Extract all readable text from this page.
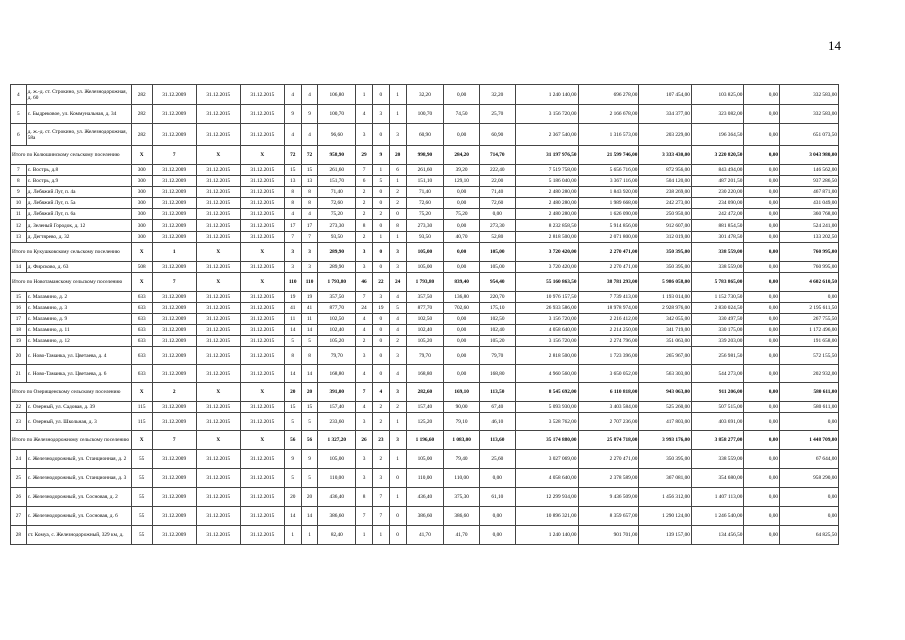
14
4	д. ж.-д. ст. Строкино, ул. Железнодорожная, д. 60	282	31.12.2009	31.12.2015	31.12.2015	4	4	106,80	1	0	1	32,20	0,00	32,20	1 240 140,00	696 278,00	107 454,00	103 825,00	0,00	332 583,00
5	с. Быдрековое, ул. Коммунальная, д. 34	282	31.12.2009	31.12.2015	31.12.2015	9	9	100,70	4	3	1	100,70	74,50	25,70	3 156 720,00	2 166 678,00	334 377,00	323 082,00	0,00	332 583,00
6	д. ж.-д. ст. Строкино, ул. Железнодорожная, 58а	282	31.12.2009	31.12.2015	31.12.2015	4	4	96,60	3	0	3	60,90	0,00	60,90	2 367 540,00	1 316 573,00	203 229,00	196 364,50	0,00	651 073,50
Итого по Колюшинскому сельскому поселению		X	7	X	X	72	72	958,90	29	9	20	998,90	284,20	714,70	31 197 976,50	21 599 746,00	3 333 430,00	3 220 820,50	0,00	3 043 980,00
7	с. Вострь, д.8	300	31.12.2009	31.12.2015	31.12.2015	15	15	261,60	7	1	6	261,60	39,20	222,40	7 519 758,00	5 656 716,00	872 956,00	843 494,00	0,00	146 562,00
8	с. Вострь, д.9	300	31.12.2009	31.12.2015	31.12.2015	13	13	151,70	6	5	1	151,10	129,10	22,00	5 186 040,00	3 367 116,00	504 120,00	487 201,50	0,00	937 286,50
9	д. Лебяжий Луг, п. 4а	300	31.12.2009	31.12.2015	31.12.2015	8	8	71,40	2	0	2	71,40	0,00	71,40	2 480 280,00	1 843 920,00	238 269,00	230 220,00	0,00	467 871,00
10	д. Лебяжий Луг, п. 5а	300	31.12.2009	31.12.2015	31.12.2015	8	8	72,60	2	0	2	72,60	0,00	72,60	2 480 280,00	1 989 668,00	242 273,00	234 090,00	0,00	431 049,00
11	д. Лебяжий Луг, п. 6а	300	31.12.2009	31.12.2015	31.12.2015	4	4	75,20	2	2	0	75,20	75,20	0,00	2 480 280,00	1 626 090,00	250 950,00	242 472,00	0,00	360 768,00
12	д. Зеленый Городок, д. 12	300	31.12.2009	31.12.2015	31.12.2015	17	17	273,30	8	0	8	273,30	0,00	273,30	8 232 858,50	5 914 856,00	912 607,00	881 854,50	0,00	524 241,00
13	д. Дегтярево, д. 32	300	31.12.2009	31.12.2015	31.12.2015	7	7	93,50	2	1	1	93,50	40,70	52,80	2 818 500,00	2 071 800,00	312 019,00	301 478,50	0,00	133 202,50
Итого по Кукушковскому сельскому поселению		X	1	X	X	3	3	289,90	3	0	3	105,00	0,00	105,00	3 720 420,00	2 270 471,00	350 395,00	338 559,00	0,00	760 995,00
14	д. Фирсково, д. 63	508	31.12.2009	31.12.2015	31.12.2015	3	3	289,90	3	0	3	105,00	0,00	105,00	3 720 420,00	2 270 471,00	350 395,00	338 559,00	0,00	760 995,00
Итого по Новотаманскому сельскому поселению		X	7	X	X	110	110	1 793,80	46	22	24	1 793,80	839,40	954,40	55 160 863,50	38 781 293,00	5 986 058,00	5 783 865,00	0,00	4 602 610,50
15	с. Маламино, д. 2	633	31.12.2009	31.12.2015	31.12.2015	19	19	357,50	7	3	4	357,50	136,80	220,70	10 976 157,50	7 739 413,00	1 193 014,00	1 152 730,50	0,00	0,00
16	с. Маламино, д. 3	633	31.12.2009	31.12.2015	31.12.2015	41	41	877,70	24	19	5	877,70	702,60	175,10	26 933 586,00	18 978 974,00	2 928 976,00	2 830 024,50	0,00	2 195 611,50
17	с. Маламино, д. 9	633	31.12.2009	31.12.2015	31.12.2015	11	11	102,50	4	0	4	102,50	0,00	102,50	3 156 720,00	2 216 412,00	342 055,00	330 497,50	0,00	267 755,50
18	с. Маламино, д. 11	633	31.12.2009	31.12.2015	31.12.2015	14	14	102,40	4	0	4	102,40	0,00	102,40	4 058 640,00	2 214 250,00	341 719,00	330 175,00	0,00	1 172 496,00
19	с. Маламино, д. 12	633	31.12.2009	31.12.2015	31.12.2015	5	5	105,20	2	0	2	105,20	0,00	105,20	3 156 720,00	2 274 796,00	351 063,00	339 203,00	0,00	191 658,00
20	с. Ново-Таманка, ул. Цветаева, д. 4	633	31.12.2009	31.12.2015	31.12.2015	8	8	79,70	3	0	3	79,70	0,00	79,70	2 818 500,00	1 723 396,00	265 967,00	256 981,50	0,00	572 155,50
21	с. Ново-Таманка, ул. Цветаева, д. 6	633	31.12.2009	31.12.2015	31.12.2015	14	14	168,80	4	0	4	168,80	0,00	168,80	4 960 560,00	3 650 052,00	563 303,00	544 273,00	0,00	202 932,00
Итого по Озерищенскому сельскому поселению		X	2	X	X	20	20	391,00	7	4	3	282,60	169,10	113,50	8 545 692,00	6 110 818,00	943 063,00	911 206,00	0,00	580 611,00
22	с. Озерный, ул. Садовая, д. 39	115	31.12.2009	31.12.2015	31.12.2015	15	15	157,40	4	2	2	157,40	90,00	67,40	5 093 930,00	3 403 584,00	525 260,00	507 515,00	0,00	580 611,00
23	с. Озерный, ул. Школьная, д. 3	115	31.12.2009	31.12.2015	31.12.2015	5	5	233,60	3	2	1	125,20	79,10	46,10	3 528 762,00	2 707 236,00	417 803,00	403 691,00	0,00	0,00
Итого по Железнодорожному сельскому поселению		X	7	X	X	56	56	1 327,20	26	23	3	1 196,60	1 083,00	113,60	35 174 880,00	25 874 718,00	3 993 176,00	3 858 277,00	0,00	1 448 709,00
24	с. Железнодорожный, ул. Станционная, д. 2	55	31.12.2009	31.12.2015	31.12.2015	9	9	105,00	3	2	1	105,00	79,40	25,60	3 027 069,00	2 270 471,00	350 395,00	338 559,00	0,00	67 644,00
25	с. Железнодорожный, ул. Станционная, д. 3	55	31.12.2009	31.12.2015	31.12.2015	5	5	110,00	3	3	0	110,00	110,00	0,00	4 058 640,00	2 378 589,00	367 081,00	354 680,00	0,00	958 290,00
26	с. Железнодорожный, ул. Сосновая, д. 2	55	31.12.2009	31.12.2015	31.12.2015	20	20	436,40	8	7	1	436,40	375,30	61,10	12 299 934,00	9 436 509,00	1 456 312,00	1 407 113,00	0,00	0,00
27	с. Железнодорожный, ул. Сосновая, д. 6	55	31.12.2009	31.12.2015	31.12.2015	14	14	386,60	7	7	0	386,60	386,60	0,00	10 896 321,00	8 359 657,00	1 290 124,00	1 246 540,00	0,00	0,00
28	ст. Комуа, с. Железнодорожный, 329 км, д.	55	31.12.2009	31.12.2015	31.12.2015	1	1	82,40	1	1	0	41,70	41,70	0,00	1 240 140,00	901 701,00	139 157,00	134 456,50	0,00	64 825,50
